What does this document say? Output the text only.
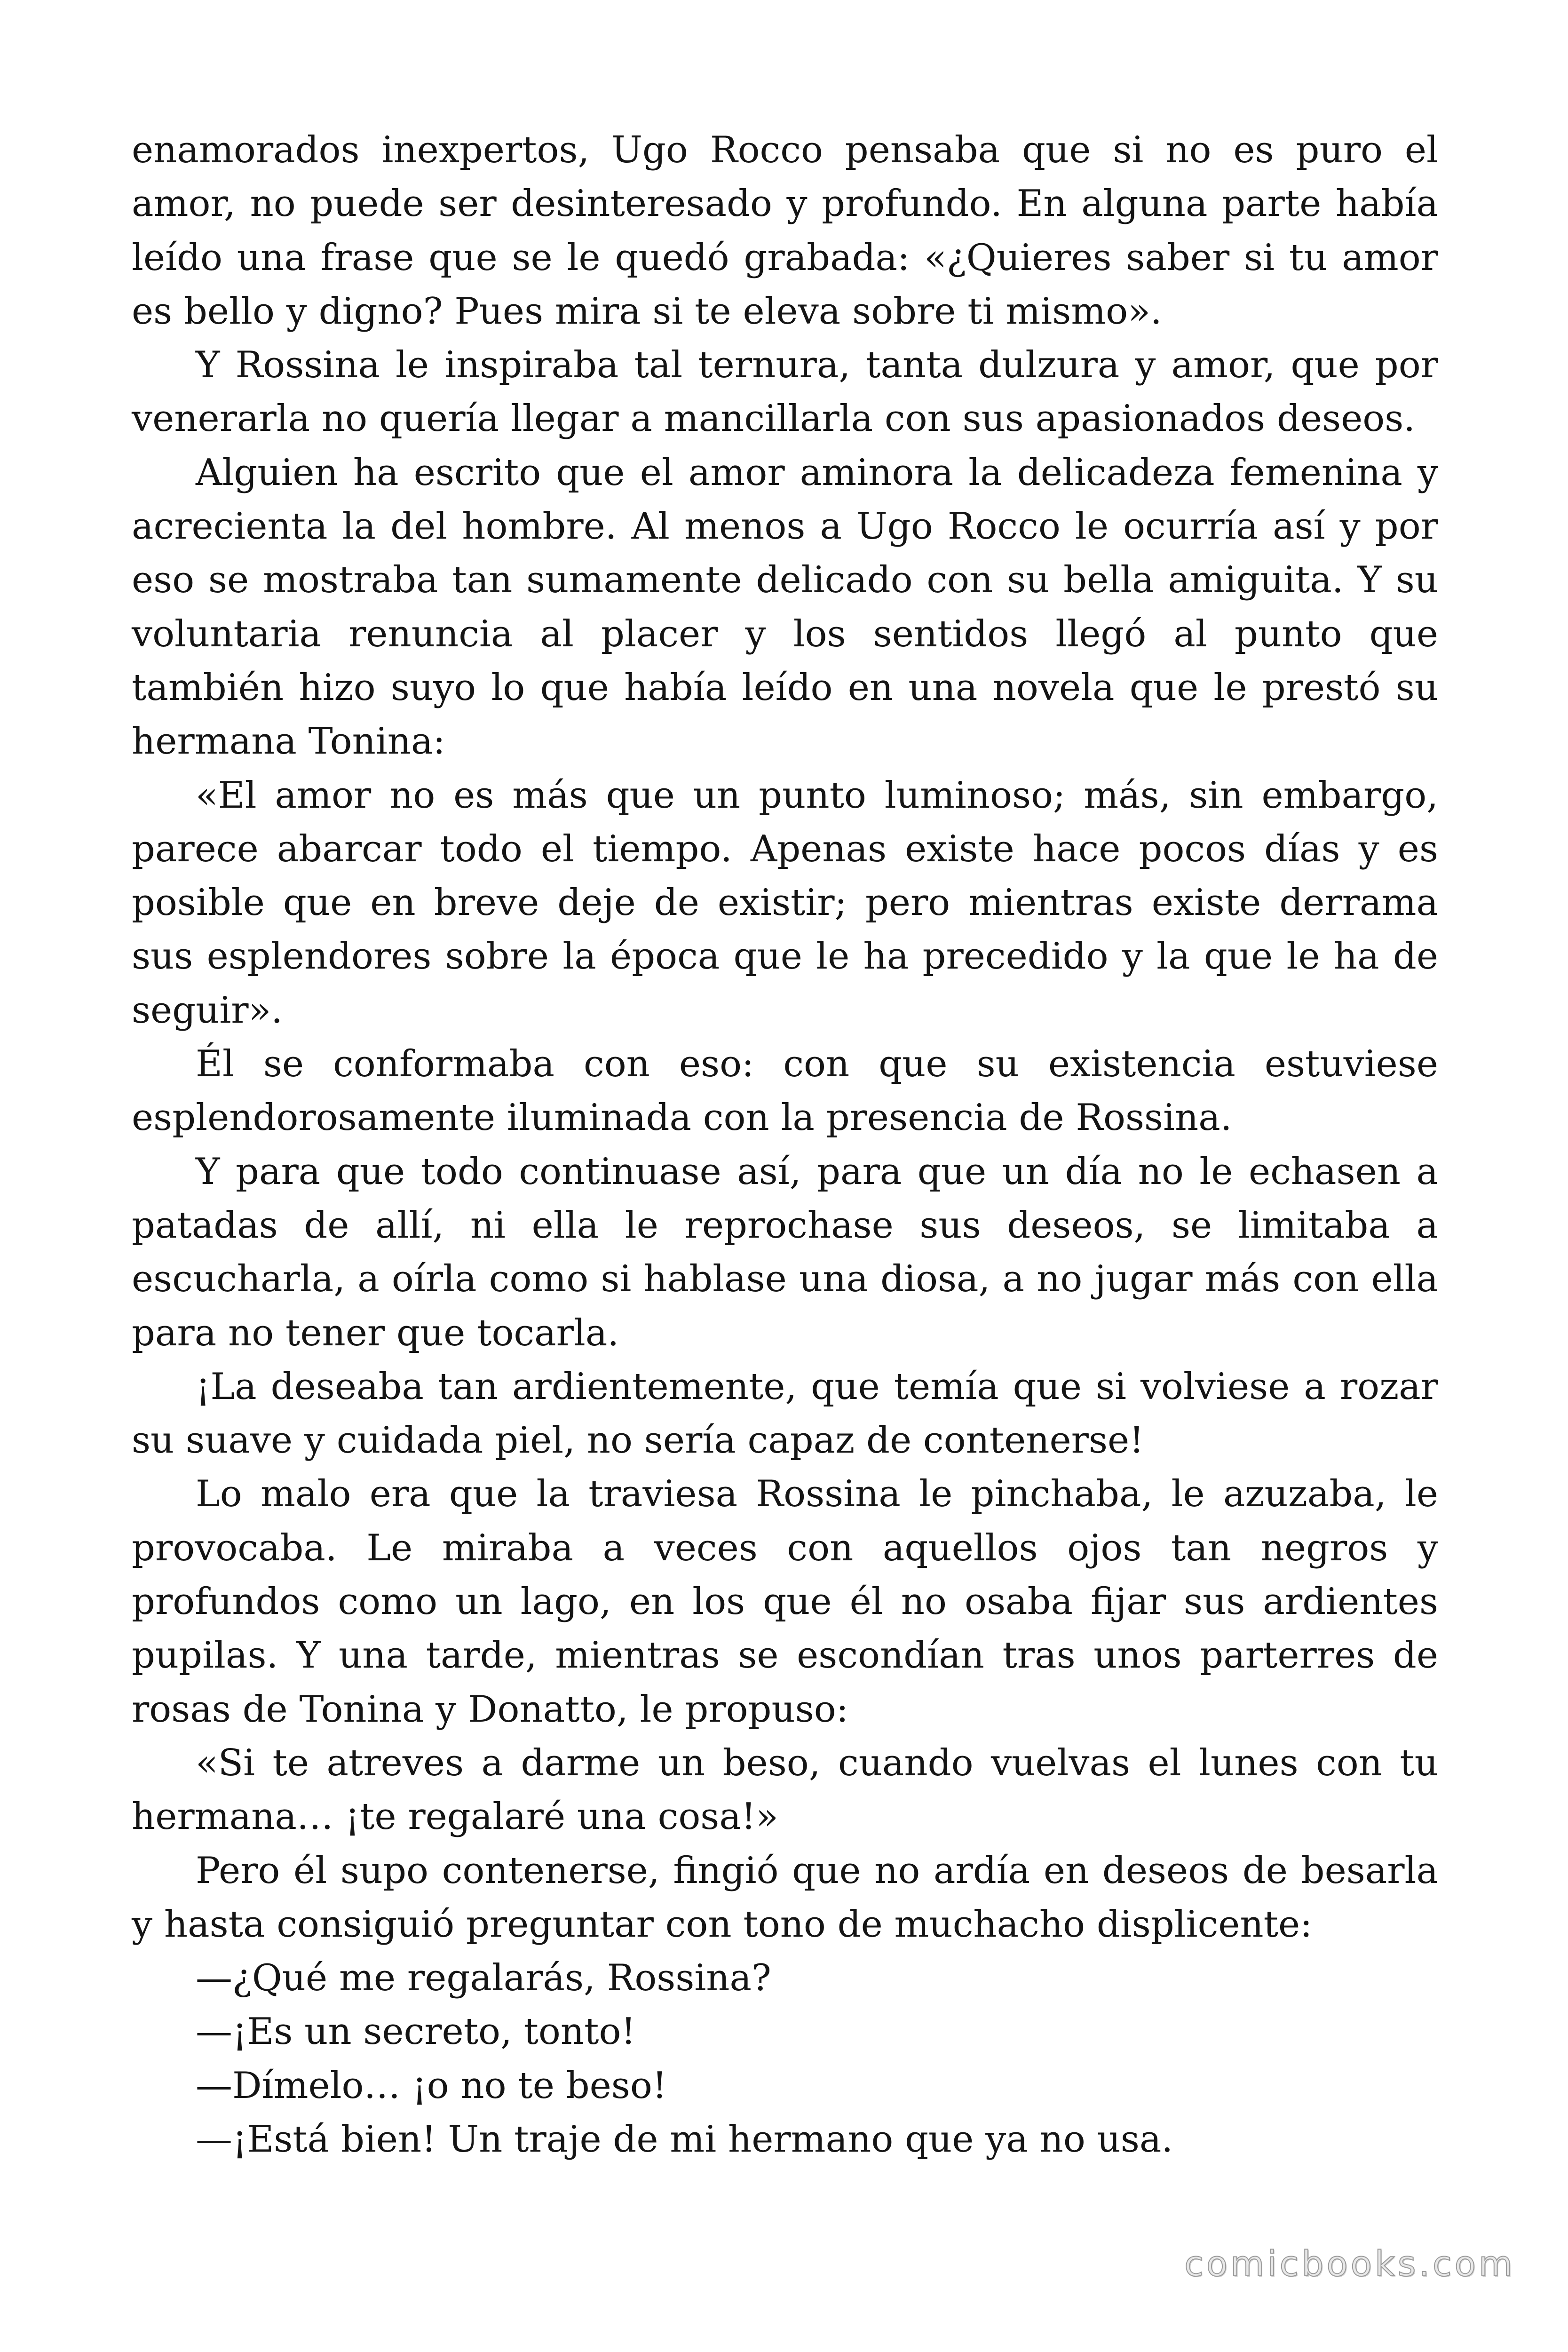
enamorados inexpertos, Ugo Rocco pensaba que si no es puro el amor, no puede ser desinteresado y profundo. En alguna parte había leído una frase que se le quedó grabada: «¿Quieres saber si tu amor es bello y digno? Pues mira si te eleva sobre ti mismo».

Y Rossina le inspiraba tal ternura, tanta dulzura y amor, que por venerarla no quería llegar a mancillarla con sus apasionados deseos.

Alguien ha escrito que el amor aminora la delicadeza femenina y acrecienta la del hombre. Al menos a Ugo Rocco le ocurría así y por eso se mostraba tan sumamente delicado con su bella amiguita. Y su voluntaria renuncia al placer y los sentidos llegó al punto que también hizo suyo lo que había leído en una novela que le prestó su hermana Tonina:

«El amor no es más que un punto luminoso; más, sin embargo, parece abarcar todo el tiempo. Apenas existe hace pocos días y es posible que en breve deje de existir; pero mientras existe derrama sus esplendores sobre la época que le ha precedido y la que le ha de seguir».

Él se conformaba con eso: con que su existencia estuviese esplendorosamente iluminada con la presencia de Rossina.

Y para que todo continuase así, para que un día no le echasen a patadas de allí, ni ella le reprochase sus deseos, se limitaba a escucharla, a oírla como si hablase una diosa, a no jugar más con ella para no tener que tocarla.

¡La deseaba tan ardientemente, que temía que si volviese a rozar su suave y cuidada piel, no sería capaz de contenerse!

Lo malo era que la traviesa Rossina le pinchaba, le azuzaba, le provocaba. Le miraba a veces con aquellos ojos tan negros y profundos como un lago, en los que él no osaba fijar sus ardientes pupilas. Y una tarde, mientras se escondían tras unos parterres de rosas de Tonina y Donatto, le propuso:

«Si te atreves a darme un beso, cuando vuelvas el lunes con tu hermana… ¡te regalaré una cosa!»

Pero él supo contenerse, fingió que no ardía en deseos de besarla y hasta consiguió preguntar con tono de muchacho displicente:

—¿Qué me regalarás, Rossina?

—¡Es un secreto, tonto!

—Dímelo… ¡o no te beso!

—¡Está bien! Un traje de mi hermano que ya no usa.

comicbooks.com
